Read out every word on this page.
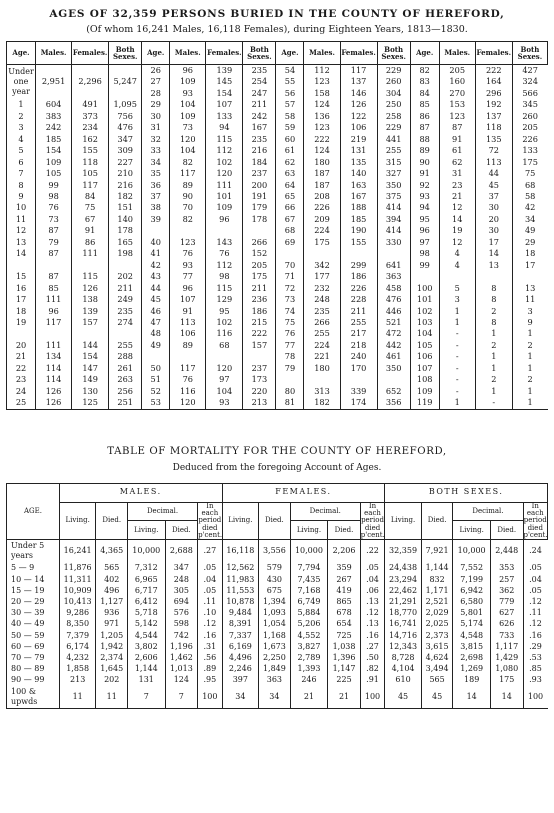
AGES OF 32,359 PERSONS BURIED IN THE COUNTY OF HEREFORD,
(Of whom 16,241 Males, 16,118 Females), during Eighteen Years, 1813—1830.
Age.	Males.	Females.	Both Sexes.	Age.	Males.	Females.	Both Sexes.	Age.	Males.	Females.	Both Sexes.	Age.	Males.	Females.	Both Sexes.

Under
one
year	2,951	2,296	5,247	26	96	139	235	54	112	117	229	82	205	222	427
				27	109	145	254	55	123	137	260	83	160	164	324
				28	93	154	247	56	158	146	304	84	270	296	566
1	604	491	1,095	29	104	107	211	57	124	126	250	85	153	192	345
2	383	373	756	30	109	133	242	58	136	122	258	86	123	137	260
3	242	234	476	31	73	94	167	59	123	106	229	87	87	118	205
4	185	162	347	32	120	115	235	60	222	219	441	88	91	135	226
5	154	155	309	33	104	112	216	61	124	131	255	89	61	72	133
6	109	118	227	34	82	102	184	62	180	135	315	90	62	113	175
7	105	105	210	35	117	120	237	63	187	140	327	91	31	44	75
8	99	117	216	36	89	111	200	64	187	163	350	92	23	45	68
9	98	84	182	37	90	101	191	65	208	167	375	93	21	37	58
10	76	75	151	38	70	109	179	66	226	188	414	94	12	30	42
11	73	67	140	39	82	96	178	67	209	185	394	95	14	20	34
12	87	91	178					68	224	190	414	96	19	30	49
13	79	86	165	40	123	143	266	69	175	155	330	97	12	17	29
14	87	111	198	41	76	76	152					98	4	14	18
				42	93	112	205	70	342	299	641	99	4	13	17
15	87	115	202	43	77	98	175	71	177	186	363				
16	85	126	211	44	96	115	211	72	232	226	458	100	5	8	13
17	111	138	249	45	107	129	236	73	248	228	476	101	3	8	11
18	96	139	235	46	91	95	186	74	235	211	446	102	1	2	3
19	117	157	274	47	113	102	215	75	266	255	521	103	1	8	9
				48	106	116	222	76	255	217	472	104	-	1	1
20	111	144	255	49	89	68	157	77	224	218	442	105	-	2	2
21	134	154	288					78	221	240	461	106	-	1	1
22	114	147	261	50	117	120	237	79	180	170	350	107	-	1	1
23	114	149	263	51	76	97	173					108	-	2	2
24	126	130	256	52	116	104	220	80	313	339	652	109	-	1	1
25	126	125	251	53	120	93	213	81	182	174	356	119	1	-	1
TABLE OF MORTALITY FOR THE COUNTY OF HEREFORD,
Deduced from the foregoing Account of Ages.
AGE.	MALES.					FEMALES.					BOTH SEXES.				
	Living.	Died.	Decimal.		In each period died p'cent.	Living.	Died.	Decimal.		In each period died p'cent.	Living.	Died.	Decimal.		In each period died p'cent.
			Living.	Died.				Living.	Died.				Living.	Died.	
Under 5 years	16,241	4,365	10,000	2,688	.27	16,118	3,556	10,000	2,206	.22	32,359	7,921	10,000	2,448	.24
5 — 9	11,876	565	7,312	347	.05	12,562	579	7,794	359	.05	24,438	1,144	7,552	353	.05
10 — 14	11,311	402	6,965	248	.04	11,983	430	7,435	267	.04	23,294	832	7,199	257	.04
15 — 19	10,909	496	6,717	305	.05	11,553	675	7,168	419	.06	22,462	1,171	6,942	362	.05
20 — 29	10,413	1,127	6,412	694	.11	10,878	1,394	6,749	865	.13	21,291	2,521	6,580	779	.12
30 — 39	9,286	936	5,718	576	.10	9,484	1,093	5,884	678	.12	18,770	2,029	5,801	627	.11
40 — 49	8,350	971	5,142	598	.12	8,391	1,054	5,206	654	.13	16,741	2,025	5,174	626	.12
50 — 59	7,379	1,205	4,544	742	.16	7,337	1,168	4,552	725	.16	14,716	2,373	4,548	733	.16
60 — 69	6,174	1,942	3,802	1,196	.31	6,169	1,673	3,827	1,038	.27	12,343	3,615	3,815	1,117	.29
70 — 79	4,232	2,374	2,606	1,462	.56	4,496	2,250	2,789	1,396	.50	8,728	4,624	2,698	1,429	.53
80 — 89	1,858	1,645	1,144	1,013	.89	2,246	1,849	1,393	1,147	.82	4,104	3,494	1,269	1,080	.85
90 — 99	213	202	131	124	.95	397	363	246	225	.91	610	565	189	175	.93
100 & upwds	11	11	7	7	100	34	34	21	21	100	45	45	14	14	100
